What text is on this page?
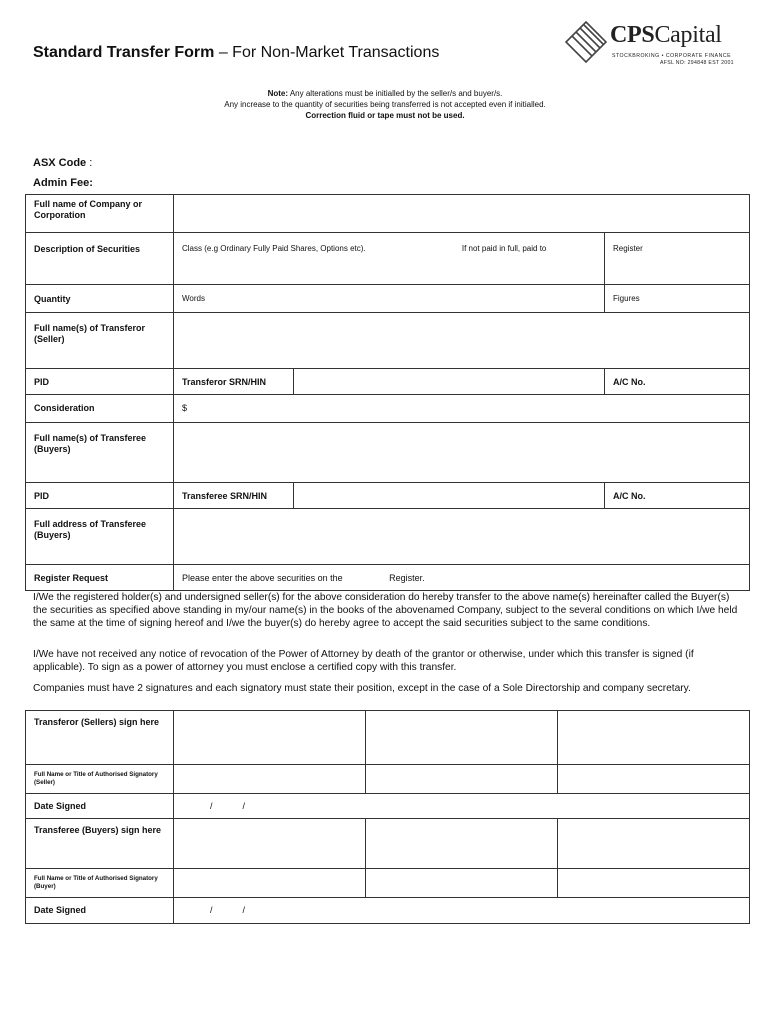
Standard Transfer Form – For Non-Market Transactions
CPSCapital
STOCKBROKING • CORPORATE FINANCE
AFSL NO: 294848 EST 2001
Note: Any alterations must be initialled by the seller/s and buyer/s.
Any increase to the quantity of securities being transferred is not accepted even if initialled.
Correction fluid or tape must not be used.
ASX Code :
Admin Fee:
Full name of Company or Corporation			
Description of Securities	Class (e.g Ordinary Fully Paid Shares, Options etc). If not paid in full, paid to		Register
Quantity	Words		Figures
Full name(s) of Transferor (Seller)			
PID	Transferor SRN/HIN		A/C No.
Consideration	$		
Full name(s) of Transferee (Buyers)			
PID	Transferee SRN/HIN		A/C No.
Full address of Transferee (Buyers)			
Register Request	Please enter the above securities on the Register.		
I/We the registered holder(s) and undersigned seller(s) for the above consideration do hereby transfer to the above name(s) hereinafter called the Buyer(s) the securities as specified above standing in my/our name(s) in the books of the abovenamed Company, subject to the several conditions on which I/we held the same at the time of signing hereof and I/we the buyer(s) do hereby agree to accept the said securities subject to the same conditions.
I/We have not received any notice of revocation of the Power of Attorney by death of the grantor or otherwise, under which this transfer is signed (if applicable). To sign as a power of attorney you must enclose a certified copy with this transfer.
Companies must have 2 signatures and each signatory must state their position, except in the case of a Sole Directorship and company secretary.
Transferor (Sellers) sign here			

Full Name or Title of Authorised Signatory (Seller)			

Date Signed	/            /		
Transferee (Buyers) sign here			

Full Name or Title of Authorised Signatory (Buyer)			

Date Signed	/            /		
